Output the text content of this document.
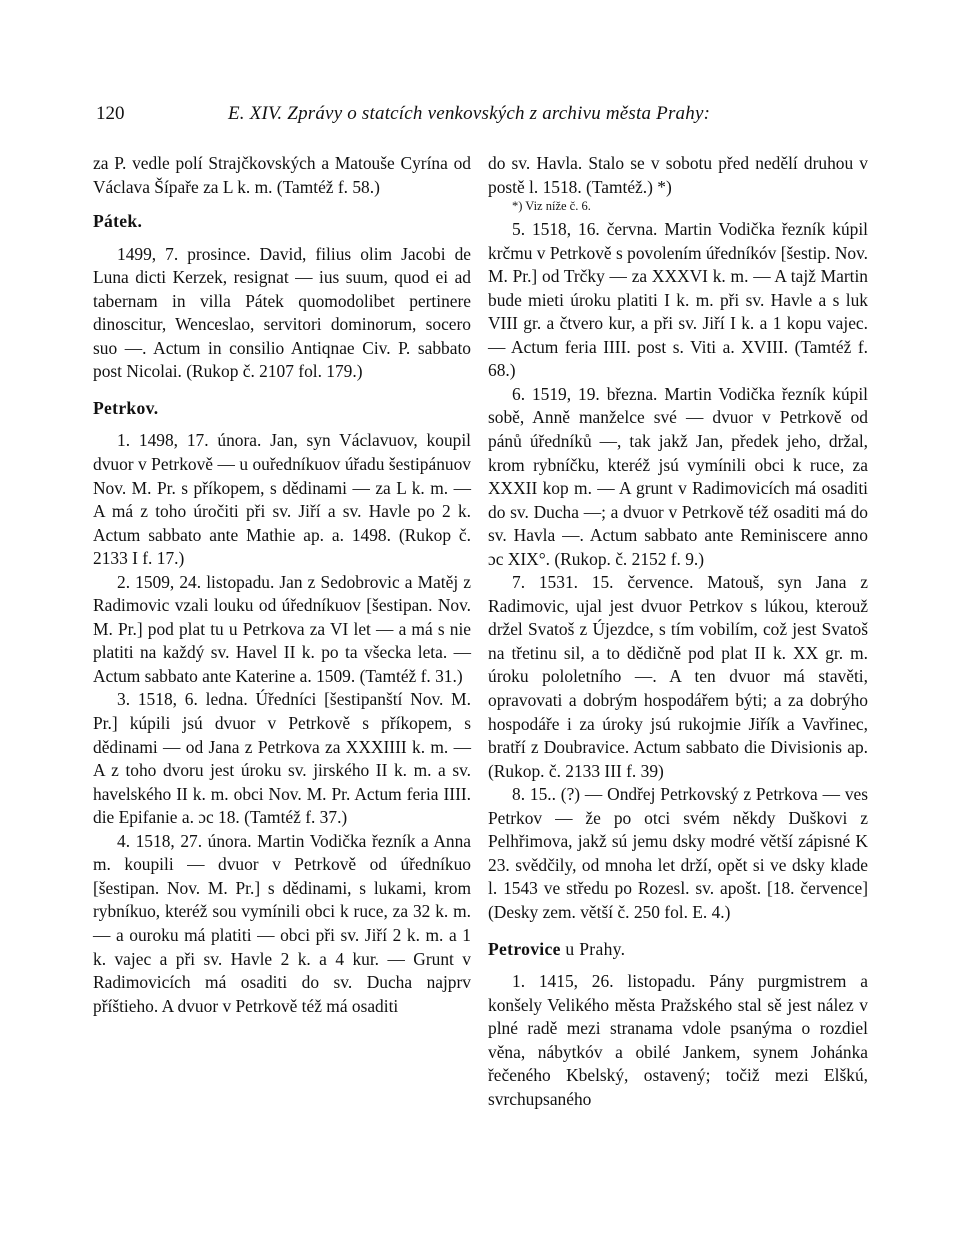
120	E. XIV. Zprávy o statcích venkovských z archivu města Prahy:

za P. vedle polí Strajčkovských a Matouše Cyrína od Václava Šípaře za L k. m. (Tamtéž f. 58.)

Pátek.

1499, 7. prosince. David, filius olim Jacobi de Luna dicti Kerzek, resignat — ius suum, quod ei ad tabernam in villa Pátek quomodolibet pertinere dinoscitur, Wenceslao, servitori dominorum, socero suo —. Actum in consilio Antiqnae Civ. P. sabbato post Nicolai. (Rukop č. 2107 fol. 179.)

Petrkov.

1. 1498, 17. února. Jan, syn Václavuov, koupil dvuor v Petrkově — u ouředníkuov úřadu šestipánuov Nov. M. Pr. s příkopem, s dědinami — za L k. m. — A má z toho úročiti při sv. Jiří a sv. Havle po 2 k. Actum sabbato ante Mathie ap. a. 1498. (Rukop č. 2133 I f. 17.)

2. 1509, 24. listopadu. Jan z Sedobrovic a Matěj z Radimovic vzali louku od úředníkuov [šestipan. Nov. M. Pr.] pod plat tu u Petrkova za VI let — a má s nie platiti na každý sv. Havel II k. po ta všecka leta. — Actum sabbato ante Katerine a. 1509. (Tamtéž f. 31.)

3. 1518, 6. ledna. Úředníci [šestipanští Nov. M. Pr.] kúpili jsú dvuor v Petrkově s příkopem, s dědinami — od Jana z Petrkova za XXXIIII k. m. — A z toho dvoru jest úroku sv. jirského II k. m. a sv. havelského II k. m. obci Nov. M. Pr. Actum feria IIII. die Epifanie a. ɔc 18. (Tamtéž f. 37.)

4. 1518, 27. února. Martin Vodička řezník a Anna m. koupili — dvuor v Petrkově od úředníkuo [šestipan. Nov. M. Pr.] s dědinami, s lukami, krom rybníkuo, kteréž sou vymínili obci k ruce, za 32 k. m. — a ouroku má platiti — obci při sv. Jiří 2 k. m. a 1 k. vajec a při sv. Havle 2 k. a 4 kur. — Grunt v Radimovicích má osaditi do sv. Ducha najprv příštieho. A dvuor v Petrkově též má osaditi

do sv. Havla. Stalo se v sobotu před nedělí druhou v postě l. 1518. (Tamtéž.) *)

*) Viz níže č. 6.

5. 1518, 16. června. Martin Vodička řezník kúpil krčmu v Petrkově s povolením úředníkóv [šestip. Nov. M. Pr.] od Trčky — za XXXVI k. m. — A tajž Martin bude mieti úroku platiti I k. m. při sv. Havle a s luk VIII gr. a čtvero kur, a při sv. Jiří I k. a 1 kopu vajec. — Actum feria IIII. post s. Viti a. XVIII. (Tamtéž f. 68.)

6. 1519, 19. března. Martin Vodička řezník kúpil sobě, Anně manželce své — dvuor v Petrkově od pánů úředníků —, tak jakž Jan, předek jeho, držal, krom rybníčku, kteréž jsú vymínili obci k ruce, za XXXII kop m. — A grunt v Radimovicích má osaditi do sv. Ducha —; a dvuor v Petrkově též osaditi má do sv. Havla —. Actum sabbato ante Reminiscere anno ɔc XIX°. (Rukop. č. 2152 f. 9.)

7. 1531. 15. července. Matouš, syn Jana z Radimovic, ujal jest dvuor Petrkov s lúkou, kterouž držel Svatoš z Újezdce, s tím vobilím, což jest Svatoš na třetinu sil, a to dědičně pod plat II k. XX gr. m. úroku pololetního —. A ten dvuor má stavěti, opravovati a dobrým hospodářem býti; a za dobrýho hospodáře i za úroky jsú rukojmie Jiřík a Vavřinec, bratří z Doubravice. Actum sabbato die Divisionis ap. (Rukop. č. 2133 III f. 39)

8. 15.. (?) — Ondřej Petrkovský z Petrkova — ves Petrkov — že po otci svém někdy Duškovi z Pelhřimova, jakž sú jemu dsky modré větší zápisné K 23. svědčily, od mnoha let drží, opět si ve dsky klade l. 1543 ve středu po Rozesl. sv. apošt. [18. července] (Desky zem. větší č. 250 fol. E. 4.)

Petrovice u Prahy.

1. 1415, 26. listopadu. Pány purgmistrem a konšely Velikého města Pražského stal sě jest nález v plné radě mezi stranama vdole psanýma o rozdiel věna, nábytkóv a obilé Jankem, synem Johánka řečeného Kbelský, ostavený; točiž mezi Elškú, svrchupsaného
